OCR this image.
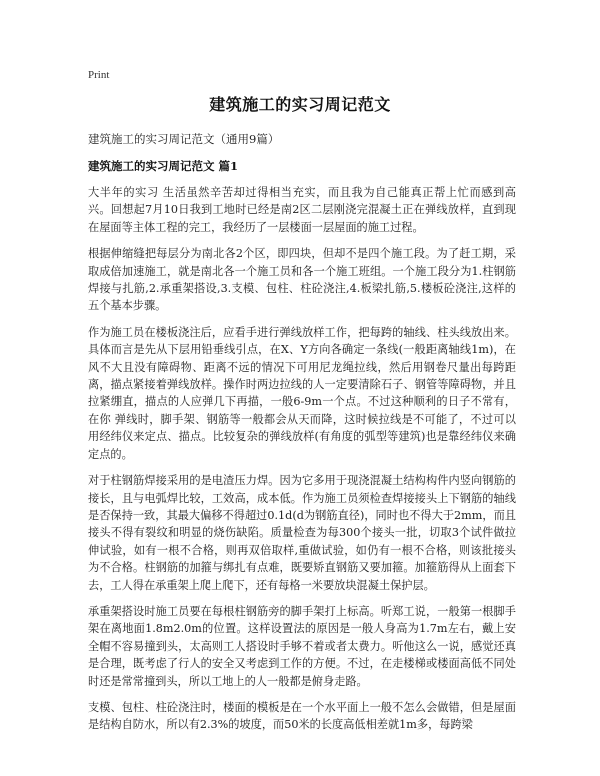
Print
建筑施工的实习周记范文
建筑施工的实习周记范文（通用9篇）
建筑施工的实习周记范文 篇1

大半年的实习 生活虽然辛苦却过得相当充实，而且我为自己能真正帮上忙而感到高兴。回想起7月10日我到工地时已经是南2区二层刚浇完混凝土正在弹线放样，直到现在屋面等主体工程的完工，我经历了一层楼面一层屋面的施工过程。

根据伸缩缝把每层分为南北各2个区，即四块，但却不是四个施工段。为了赶工期，采取成倍加速施工，就是南北各一个施工员和各一个施工班组。一个施工段分为1.柱钢筋焊接与扎筋,2.承重架搭设,3.支模、包柱、柱砼浇注,4.板梁扎筋,5.楼板砼浇注,这样的五个基本步骤。

作为施工员在楼板浇注后，应看手进行弹线放样工作，把每跨的轴线、柱头线放出来。具体而言是先从下层用铅垂线引点，在X、Y方向各确定一条线(一般距离轴线1m)，在风不大且没有障碍物、距离不远的情况下可用尼龙绳拉线，然后用钢卷尺量出每跨距离，描点紧接着弹线放样。操作时两边拉线的人一定要清除石子、钢管等障碍物，并且拉紧绷直，描点的人应弹几下再描，一般6-9m一个点。不过这种顺利的日子不常有，在你 弹线时，脚手架、钢筋等一般都会从天而降，这时候拉线是不可能了，不过可以用经纬仪来定点、描点。比较复杂的弹线放样(有角度的弧型等建筑)也是靠经纬仪来确定点的。

对于柱钢筋焊接采用的是电渣压力焊。因为它多用于现浇混凝土结构构件内竖向钢筋的接长，且与电弧焊比较，工效高，成本低。作为施工员须检查焊接接头上下钢筋的轴线是否保持一致，其最大偏移不得超过0.1d(d为钢筋直径)，同时也不得大于2mm，而且接头不得有裂纹和明显的烧伤缺陷。质量检查为每300个接头一批，切取3个试件做拉伸试验，如有一根不合格，则再双倍取样,重做试验，如仍有一根不合格，则该批接头为不合格。柱钢筋的加箍与绑扎有点难，既要矫直钢筋又要加箍。加箍筋得从上面套下去，工人得在承重架上爬上爬下，还有每格一米要放块混凝土保护层。

承重架搭设时施工员要在每根柱钢筋旁的脚手架打上标高。听郑工说，一般第一根脚手架在离地面1.8m2.0m的位置。这样设置法的原因是一般人身高为1.7m左右，戴上安全帽不容易撞到头，太高则工人搭设时手够不着或者太费力。听他这么一说，感觉还真是合理，既考虑了行人的安全又考虑到工作的方便。不过，在走楼梯或楼面高低不同处时还是常常撞到头，所以工地上的人一般都是俯身走路。

支模、包柱、柱砼浇注时，楼面的模板是在一个水平面上一般不怎么会做错，但是屋面是结构自防水，所以有2.3%的坡度，而50米的长度高低相差就1m多，每跨梁
